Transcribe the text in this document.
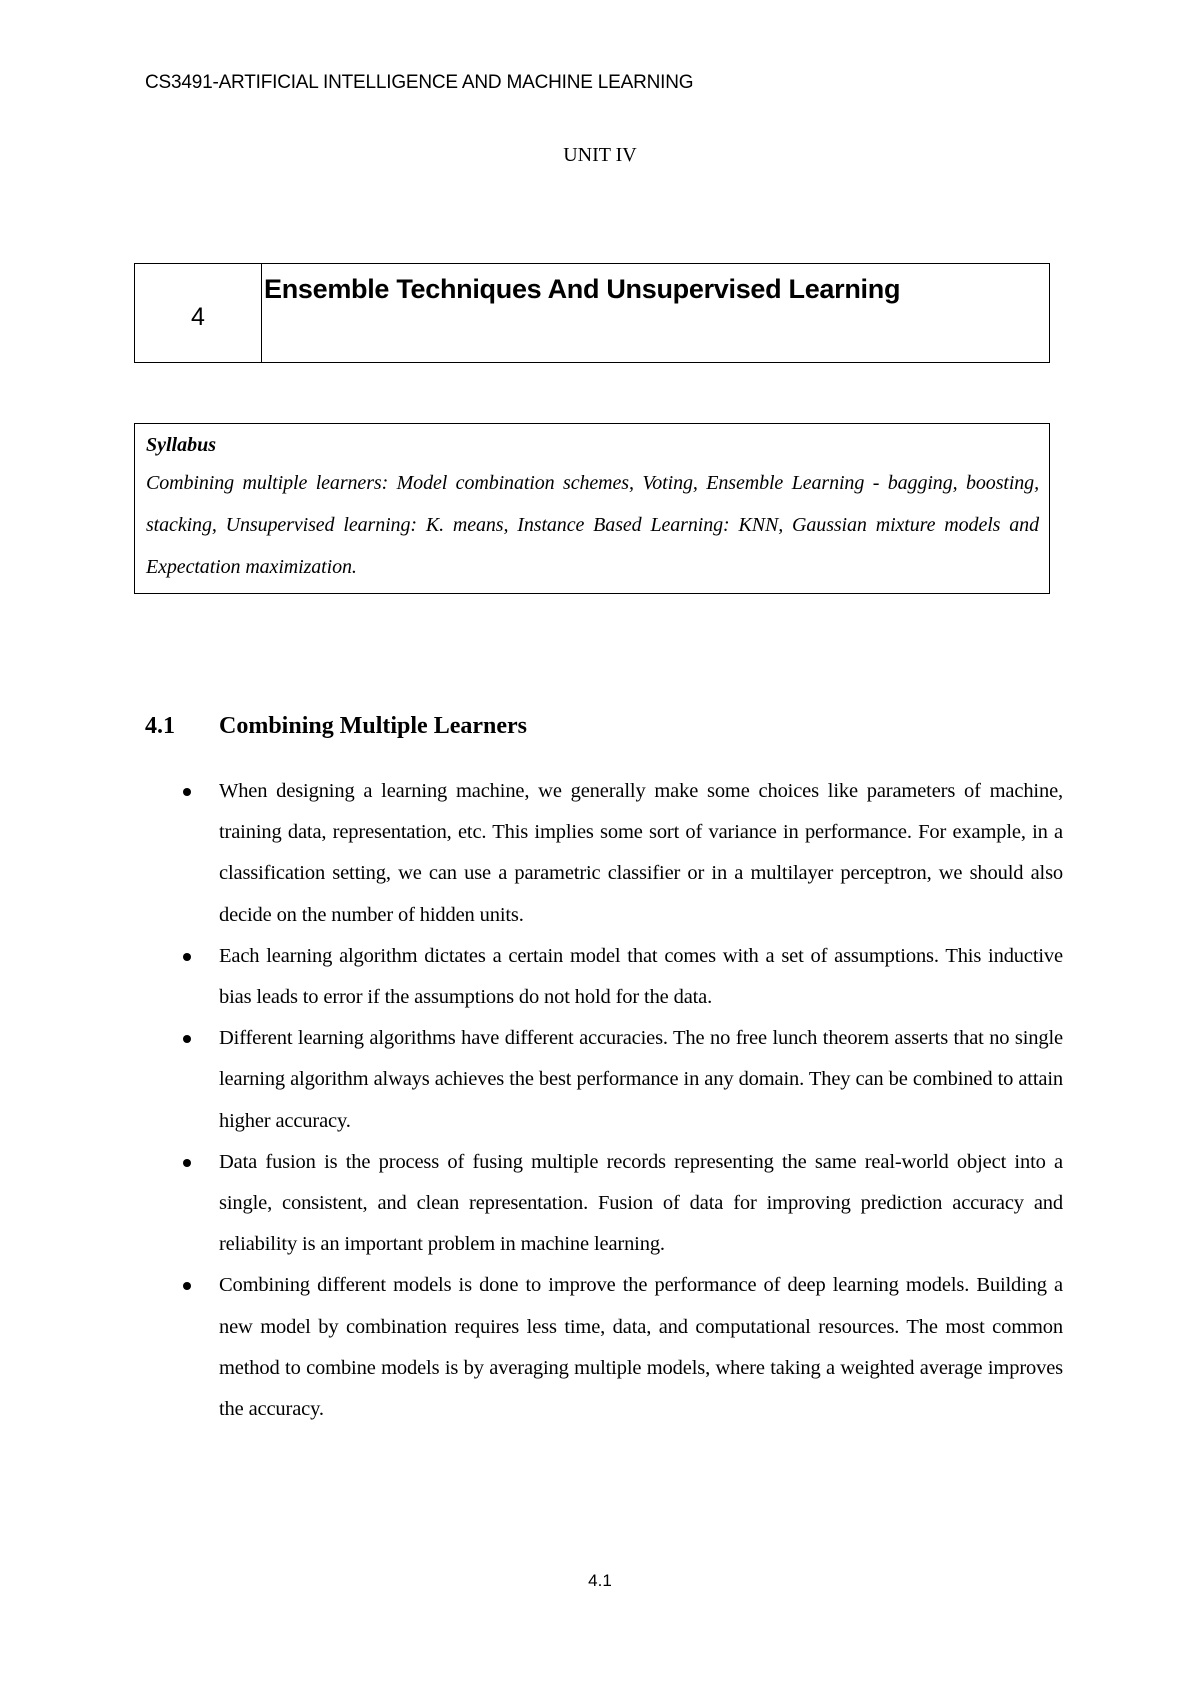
CS3491-ARTIFICIAL INTELLIGENCE AND MACHINE LEARNING
UNIT IV
4
Ensemble Techniques And Unsupervised Learning
Syllabus
Combining multiple learners: Model combination schemes, Voting, Ensemble Learning - bagging, boosting, stacking, Unsupervised learning: K. means, Instance Based Learning: KNN, Gaussian mixture models and Expectation maximization.
4.1 Combining Multiple Learners
When designing a learning machine, we generally make some choices like parameters of machine, training data, representation, etc. This implies some sort of variance in performance. For example, in a classification setting, we can use a parametric classifier or in a multilayer perceptron, we should also decide on the number of hidden units.
Each learning algorithm dictates a certain model that comes with a set of assumptions. This inductive bias leads to error if the assumptions do not hold for the data.
Different learning algorithms have different accuracies. The no free lunch theorem asserts that no single learning algorithm always achieves the best performance in any domain. They can be combined to attain higher accuracy.
Data fusion is the process of fusing multiple records representing the same real-world object into a single, consistent, and clean representation. Fusion of data for improving prediction accuracy and reliability is an important problem in machine learning.
Combining different models is done to improve the performance of deep learning models. Building a new model by combination requires less time, data, and computational resources. The most common method to combine models is by averaging multiple models, where taking a weighted average improves the accuracy.
4.1
